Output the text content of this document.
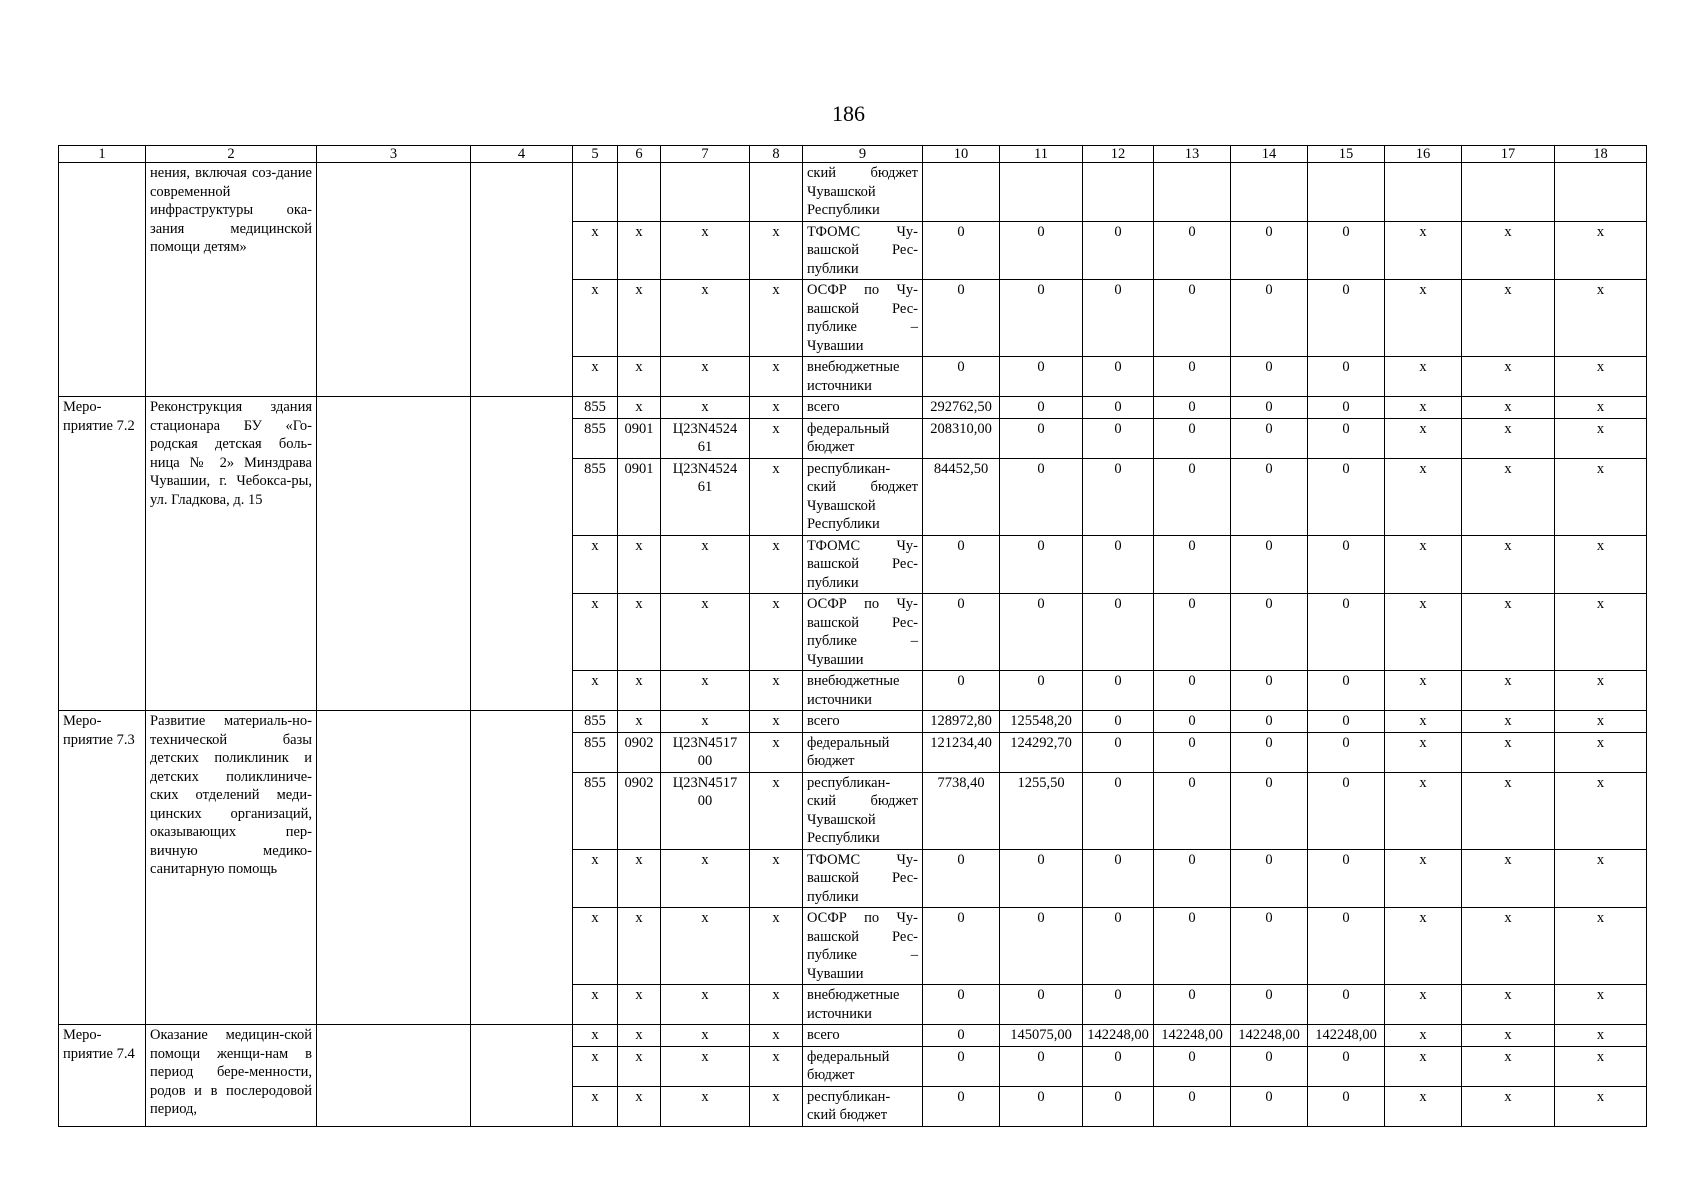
186
1	2	3	4	5	6	7	8	9	10	11	12	13	14	15	16	17	18
	нения, включая соз-дание современной инфраструктуры ока-зания медицинской помощи детям»							ский бюджет Чувашской Республики									
				х	х	х	х	ТФОМС Чу-вашской Рес-публики	0	0	0	0	0	0	х	х	х
				х	х	х	х	ОСФР по Чу-вашской Рес-публике – Чувашии	0	0	0	0	0	0	х	х	х
				х	х	х	х	внебюджетные источники	0	0	0	0	0	0	х	х	х
Меро-приятие 7.2	Реконструкция здания стационара БУ «Го-родская детская боль-ница № 2» Минздрава Чувашии, г. Чебокса-ры, ул. Гладкова, д. 15			855	х	х	х	всего	292762,50	0	0	0	0	0	х	х	х
				855	0901	Ц23N4524 61	х	федеральный бюджет	208310,00	0	0	0	0	0	х	х	х
				855	0901	Ц23N4524 61	х	республикан-ский бюджет Чувашской Республики	84452,50	0	0	0	0	0	х	х	х
				х	х	х	х	ТФОМС Чу-вашской Рес-публики	0	0	0	0	0	0	х	х	х
				х	х	х	х	ОСФР по Чу-вашской Рес-публике – Чувашии	0	0	0	0	0	0	х	х	х
				х	х	х	х	внебюджетные источники	0	0	0	0	0	0	х	х	х
Меро-приятие 7.3	Развитие материаль-но-технической базы детских поликлиник и детских поликлиниче-ских отделений меди-цинских организаций, оказывающих пер-вичную медико-санитарную помощь			855	х	х	х	всего	128972,80	125548,20	0	0	0	0	х	х	х
				855	0902	Ц23N4517 00	х	федеральный бюджет	121234,40	124292,70	0	0	0	0	х	х	х
				855	0902	Ц23N4517 00	х	республикан-ский бюджет Чувашской Республики	7738,40	1255,50	0	0	0	0	х	х	х
				х	х	х	х	ТФОМС Чу-вашской Рес-публики	0	0	0	0	0	0	х	х	х
				х	х	х	х	ОСФР по Чу-вашской Рес-публике – Чувашии	0	0	0	0	0	0	х	х	х
				х	х	х	х	внебюджетные источники	0	0	0	0	0	0	х	х	х
Меро-приятие 7.4	Оказание медицин-ской помощи женщи-нам в период бере-менности, родов и в послеродовой период,			х	х	х	х	всего	0	145075,00	142248,00	142248,00	142248,00	142248,00	х	х	х
				х	х	х	х	федеральный бюджет	0	0	0	0	0	0	х	х	х
				х	х	х	х	республикан-ский бюджет	0	0	0	0	0	0	х	х	х
